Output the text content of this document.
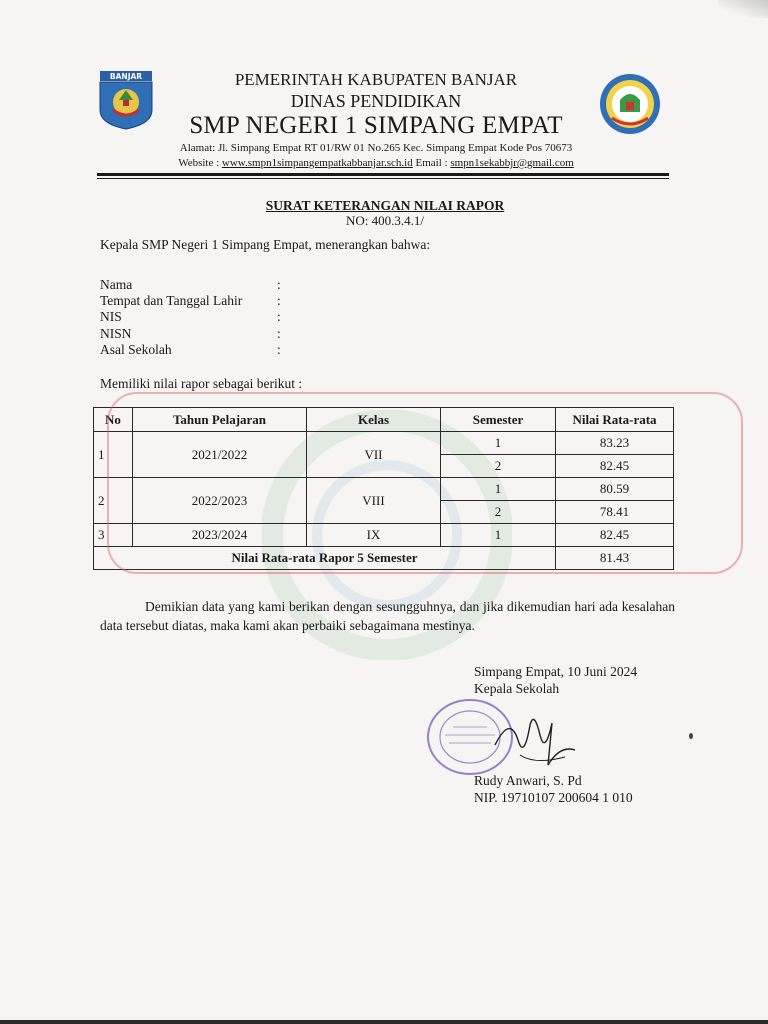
BANJAR	PEMERINTAH KABUPATEN BANJAR
DINAS PENDIDIKAN
SMP NEGERI 1 SIMPANG EMPAT
Alamat: Jl. Simpang Empat RT 01/RW 01 No.265 Kec. Simpang Empat Kode Pos 70673
Website : www.smpn1simpangempatkabbanjar.sch.id Email : smpn1sekabbjr@gmail.com
SURAT KETERANGAN NILAI RAPOR
NO: 400.3.4.1/
Kepala SMP Negeri 1 Simpang Empat, menerangkan bahwa:
Nama	:
Tempat dan Tanggal Lahir	:
NIS	:
NISN	:
Asal Sekolah	:
Memiliki nilai rapor sebagai berikut :
No	Tahun Pelajaran	Kelas	Semester	Nilai Rata-rata
1	2021/2022	VII	1	83.23
			2	82.45
2	2022/2023	VIII	1	80.59
			2	78.41
3	2023/2024	IX	1	82.45
Nilai Rata-rata Rapor 5 Semester				81.43
Demikian data yang kami berikan dengan sesungguhnya, dan jika dikemudian hari ada kesalahan data tersebut diatas, maka kami akan perbaiki sebagaimana mestinya.
Simpang Empat, 10 Juni 2024
Kepala Sekolah
Rudy Anwari, S. Pd
NIP. 19710107 200604 1 010
